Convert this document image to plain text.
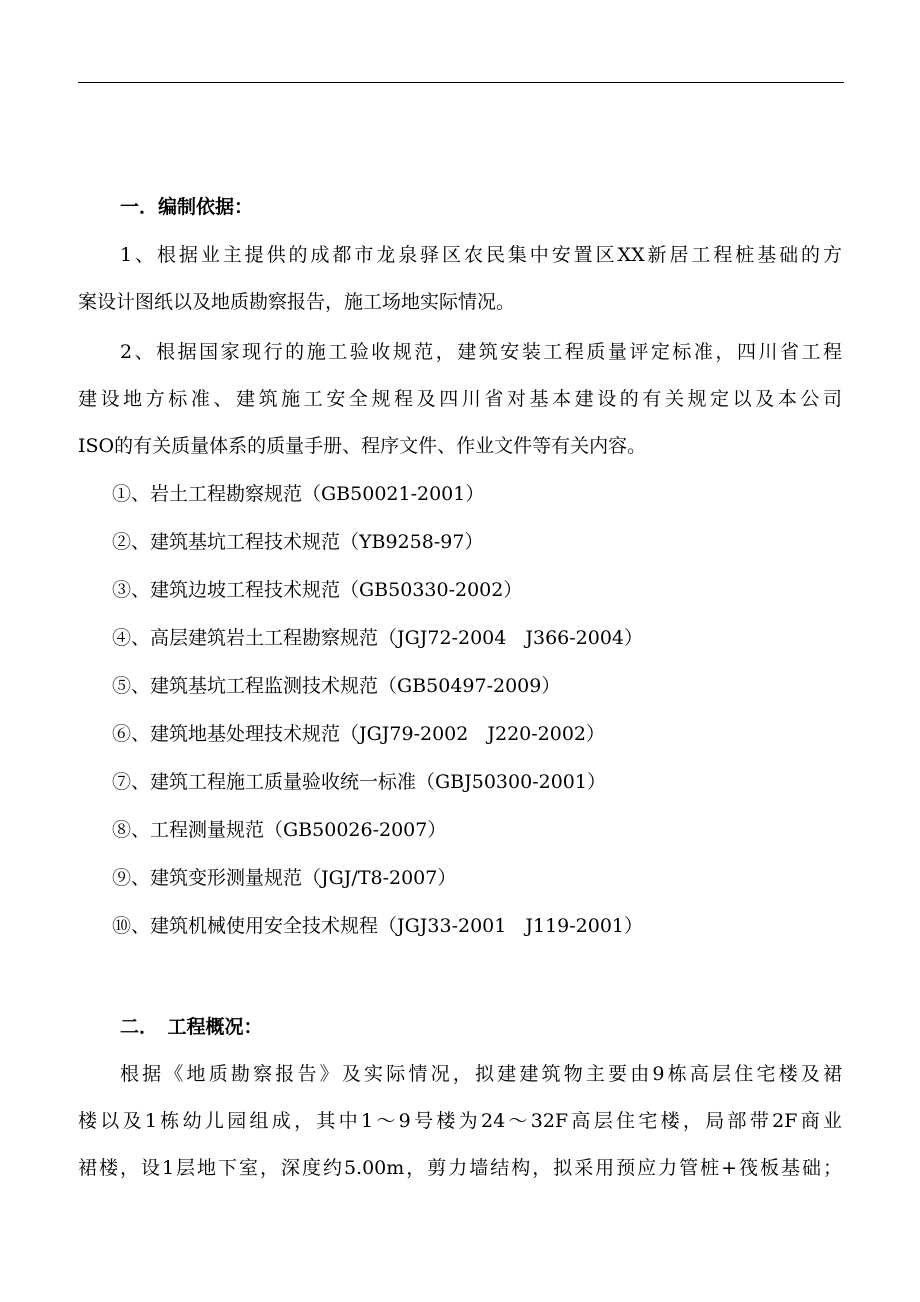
一．编制依据：
1、根据业主提供的成都市龙泉驿区农民集中安置区XX新居工程桩基础的方
案设计图纸以及地质勘察报告，施工场地实际情况。
2、根据国家现行的施工验收规范，建筑安装工程质量评定标准，四川省工程
建设地方标准、建筑施工安全规程及四川省对基本建设的有关规定以及本公司
ISO的有关质量体系的质量手册、程序文件、作业文件等有关内容。
①、岩土工程勘察规范（GB50021-2001）
②、建筑基坑工程技术规范（YB9258-97）
③、建筑边坡工程技术规范（GB50330-2002）
④、高层建筑岩土工程勘察规范（JGJ72-2004　J366-2004）
⑤、建筑基坑工程监测技术规范（GB50497-2009）
⑥、建筑地基处理技术规范（JGJ79-2002　J220-2002）
⑦、建筑工程施工质量验收统一标准（GBJ50300-2001）
⑧、工程测量规范（GB50026-2007）
⑨、建筑变形测量规范（JGJ/T8-2007）
⑩、建筑机械使用安全技术规程（JGJ33-2001　J119-2001）
二．　工程概况：
根据《地质勘察报告》及实际情况，拟建建筑物主要由9栋高层住宅楼及裙
楼以及1栋幼儿园组成，其中1～9号楼为24～32F高层住宅楼，局部带2F商业
裙楼，设1层地下室，深度约5.00m，剪力墙结构，拟采用预应力管桩+筏板基础；
